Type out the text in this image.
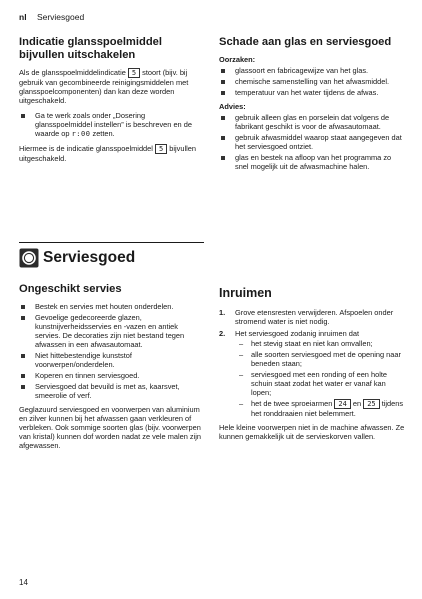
nl Serviesgoed
Indicatie glansspoelmiddel bijvullen uitschakelen

Als de glansspoelmiddelindicatie 5 stoort (bijv. bij gebruik van gecombineerde reinigingsmiddelen met glansspoelcomponenten) dan kan deze worden uitgeschakeld.

Ga te werk zoals onder „Dosering glansspoelmiddel instellen” is beschreven en de waarde op r:00 zetten.

Hiermee is de indicatie glansspoelmiddel 5 bijvullen uitgeschakeld.

Serviesgoed
Ongeschikt servies
Bestek en servies met houten onderdelen.
Gevoelige gedecoreerde glazen, kunstnijverheidsservies en -vazen en antiek servies. De decoraties zijn niet bestand tegen afwassen in een afwasautomaat.
Niet hittebestendige kunststof voorwerpen/onderdelen.
Koperen en tinnen serviesgoed.
Serviesgoed dat bevuild is met as, kaarsvet, smeerolie of verf.

Geglazuurd serviesgoed en voorwerpen van aluminium en zilver kunnen bij het afwassen gaan verkleuren of verbleken. Ook sommige soorten glas (bijv. voorwerpen van kristal) kunnen dof worden nadat ze vele malen zijn afgewassen.

Schade aan glas en serviesgoed
Oorzaken:
glassoort en fabricagewijze van het glas.
chemische samenstelling van het afwasmiddel.
temperatuur van het water tijdens de afwas.
Advies:
gebruik alleen glas en porselein dat volgens de fabrikant geschikt is voor de afwasautomaat.
gebruik afwasmiddel waarop staat aangegeven dat het serviesgoed ontziet.
glas en bestek na afloop van het programma zo snel mogelijk uit de afwasmachine halen.
Inruimen
1. Grove etensresten verwijderen. Afspoelen onder stromend water is niet nodig.
2. Het serviesgoed zodanig inruimen dat
– het stevig staat en niet kan omvallen;
– alle soorten serviesgoed met de opening naar beneden staan;
– serviesgoed met een ronding of een holte schuin staat zodat het water er vanaf kan lopen;
– het de twee sproeiarmen 24 en 25 tijdens het ronddraaien niet belemmert.

Hele kleine voorwerpen niet in de machine afwassen. Ze kunnen gemakkelijk uit de servieskorven vallen.

14
